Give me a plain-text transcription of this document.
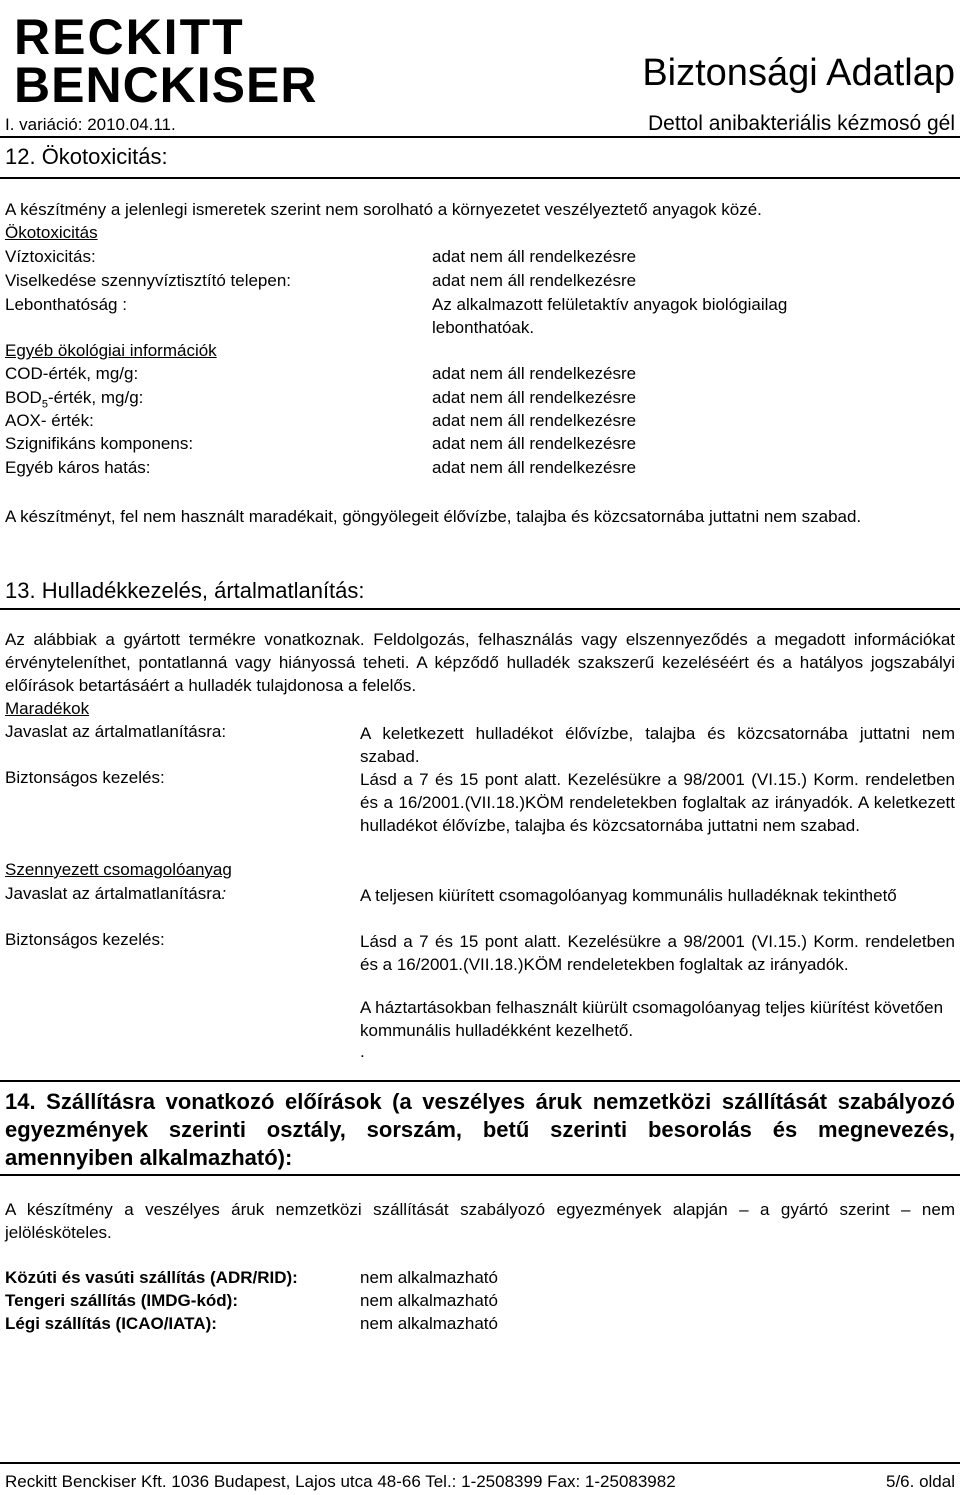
RECKITT
BENCKISER	Biztonsági Adatlap
I. variáció: 2010.04.11.	Dettol anibakteriális kézmosó gél
12. Ökotoxicitás:
A készítmény a jelenlegi ismeretek szerint nem sorolható a környezetet veszélyeztető anyagok közé.
Ökotoxicitás
Víztoxicitás:	adat nem áll rendelkezésre
Viselkedése szennyvíztisztító telepen:	adat nem áll rendelkezésre
Lebonthatóság :	Az alkalmazott felületaktív anyagok biológiailag
lebonthatóak.
Egyéb ökológiai információk
COD-érték, mg/g:	adat nem áll rendelkezésre
$BOD_5$-érték, mg/g:	adat nem áll rendelkezésre
AOX- érték:	adat nem áll rendelkezésre
Szignifikáns komponens:	adat nem áll rendelkezésre
Egyéb káros hatás:	adat nem áll rendelkezésre
A készítményt, fel nem használt maradékait, göngyölegeit élővízbe, talajba és közcsatornába juttatni nem szabad.
13. Hulladékkezelés, ártalmatlanítás:
Az alábbiak a gyártott termékre vonatkoznak. Feldolgozás, felhasználás vagy elszennyeződés a megadott információkat érvényteleníthet, pontatlanná vagy hiányossá teheti. A képződő hulladék szakszerű kezeléséért és a hatályos jogszabályi előírások betartásáért a hulladék tulajdonosa a felelős.
Maradékok
Javaslat az ártalmatlanításra:	A keletkezett hulladékot élővízbe, talajba és közcsatornába juttatni nem szabad.
Biztonságos kezelés:	Lásd a 7 és 15 pont alatt. Kezelésükre a 98/2001 (VI.15.) Korm. rendeletben és a 16/2001.(VII.18.)KÖM rendeletekben foglaltak az irányadók. A keletkezett hulladékot élővízbe, talajba és közcsatornába juttatni nem szabad.
Szennyezett csomagolóanyag
Javaslat az ártalmatlanításra:	A teljesen kiürített csomagolóanyag kommunális hulladéknak tekinthető
Biztonságos kezelés:	Lásd a 7 és 15 pont alatt. Kezelésükre a 98/2001 (VI.15.) Korm. rendeletben és a 16/2001.(VII.18.)KÖM rendeletekben foglaltak az irányadók.
A háztartásokban felhasznált kiürült csomagolóanyag teljes kiürítést követően kommunális hulladékként kezelhető.
.
14. Szállításra vonatkozó előírások (a veszélyes áruk nemzetközi szállítását szabályozó egyezmények szerinti osztály, sorszám, betű szerinti besorolás és megnevezés, amennyiben alkalmazható):
A készítmény a veszélyes áruk nemzetközi szállítását szabályozó egyezmények alapján – a gyártó szerint – nem jelölésköteles.
Közúti és vasúti szállítás (ADR/RID):	nem alkalmazható
Tengeri szállítás (IMDG-kód):	nem alkalmazható
Légi szállítás (ICAO/IATA):	nem alkalmazható
Reckitt Benckiser Kft. 1036 Budapest, Lajos utca 48-66 Tel.: 1-2508399 Fax: 1-25083982	5/6. oldal
